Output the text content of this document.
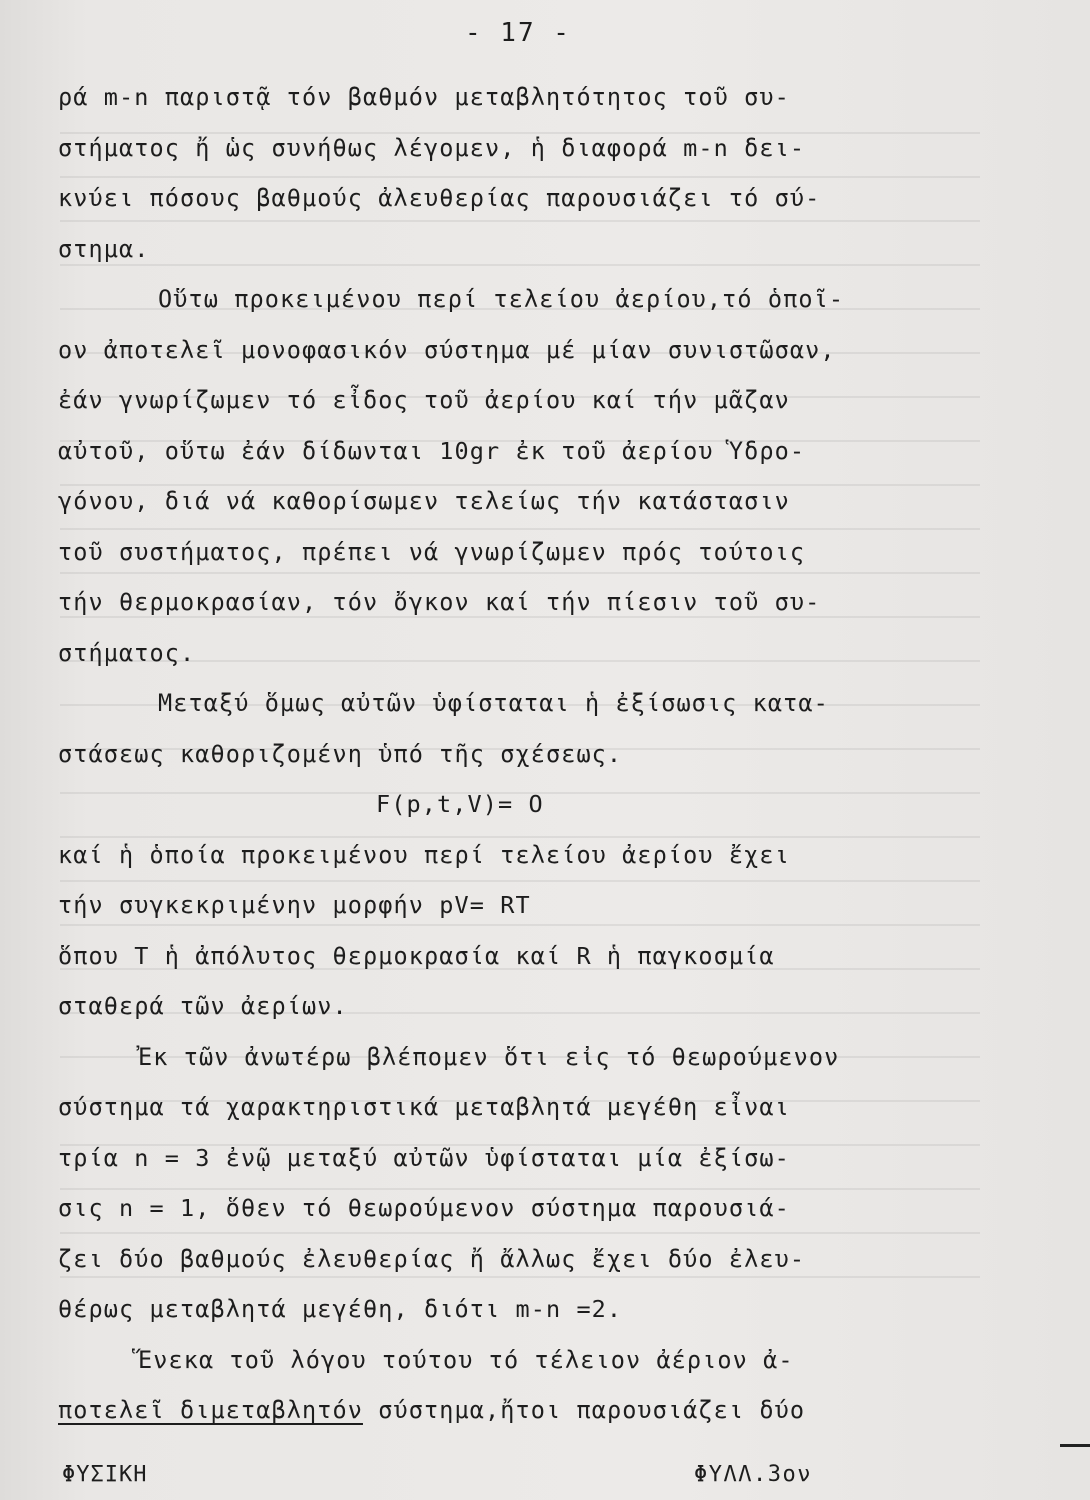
- 17 -
ρά m-n παριστᾷ τόν βαθμόν μεταβλητότητος τοῦ συ-
στήματος ἤ ὡς συνήθως λέγομεν, ἡ διαφορά m-n δει-
κνύει πόσους βαθμούς ἀλευθερίας παρουσιάζει τό σύ-
στημα.
Οὕτω προκειμένου περί τελείου ἀερίου,τό ὁποῖ-
ον ἀποτελεῖ μονοφασικόν σύστημα μέ μίαν συνιστῶσαν,
ἐάν γνωρίζωμεν τό εἶδος τοῦ ἀερίου καί τήν μᾶζαν
αὐτοῦ, οὕτω ἐάν δίδωνται 10gr ἐκ τοῦ ἀερίου Ὑδρο-
γόνου, διά νά καθορίσωμεν τελείως τήν κατάστασιν
τοῦ συστήματος, πρέπει νά γνωρίζωμεν πρός τούτοις
τήν θερμοκρασίαν, τόν ὄγκον καί τήν πίεσιν τοῦ συ-
στήματος.
Μεταξύ ὅμως αὐτῶν ὑφίσταται ἡ ἐξίσωσις κατα-
στάσεως καθοριζομένη ὑπό τῆς σχέσεως.
F(p,t,V)= O
καί ἡ ὁποία προκειμένου περί τελείου ἀερίου ἔχει
τήν συγκεκριμένην μορφήν pV= RT
ὅπου T ἡ ἀπόλυτος θερμοκρασία καί R ἡ παγκοσμία
σταθερά τῶν ἀερίων.
Ἐκ τῶν ἀνωτέρω βλέπομεν ὅτι εἰς τό θεωρούμενον
σύστημα τά χαρακτηριστικά μεταβλητά μεγέθη εἶναι
τρία n = 3 ἐνῷ μεταξύ αὐτῶν ὑφίσταται μία ἐξίσω-
σις n = 1, ὅθεν τό θεωρούμενον σύστημα παρουσιά-
ζει δύο βαθμούς ἐλευθερίας ἤ ἄλλως ἔχει δύο ἐλευ-
θέρως μεταβλητά μεγέθη, διότι m-n =2.
Ἕνεκα τοῦ λόγου τούτου τό τέλειον ἀέριον ἀ-
ποτελεῖ διμεταβλητόν σύστημα,ἤτοι παρουσιάζει δύο
ΦΥΣΙΚΗ	ΦΥΛΛ.3ον
